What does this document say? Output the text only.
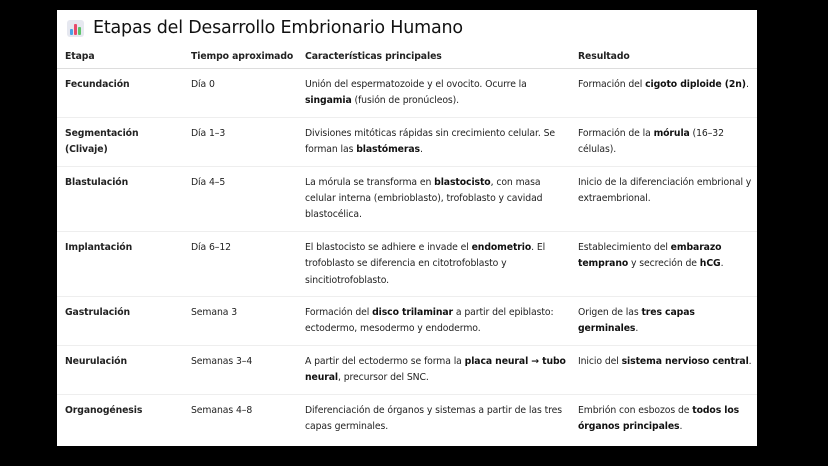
Etapas del Desarrollo Embrionario Humano
Etapa	Tiempo aproximado	Características principales	Resultado
Fecundación	Día 0	Unión del espermatozoide y el ovocito. Ocurre la singamia (fusión de pronúcleos).	Formación del cigoto diploide (2n).
Segmentación (Clivaje)	Día 1–3	Divisiones mitóticas rápidas sin crecimiento celular. Se forman las blastómeras.	Formación de la mórula (16–32 células).
Blastulación	Día 4–5	La mórula se transforma en blastocisto, con masa celular interna (embrioblasto), trofoblasto y cavidad blastocélica.	Inicio de la diferenciación embrional y extraembrional.
Implantación	Día 6–12	El blastocisto se adhiere e invade el endometrio. El trofoblasto se diferencia en citotrofoblasto y sincitiotrofoblasto.	Establecimiento del embarazo temprano y secreción de hCG.
Gastrulación	Semana 3	Formación del disco trilaminar a partir del epiblasto: ectodermo, mesodermo y endodermo.	Origen de las tres capas germinales.
Neurulación	Semanas 3–4	A partir del ectodermo se forma la placa neural → tubo neural, precursor del SNC.	Inicio del sistema nervioso central.
Organogénesis	Semanas 4–8	Diferenciación de órganos y sistemas a partir de las tres capas germinales.	Embrión con esbozos de todos los órganos principales.
